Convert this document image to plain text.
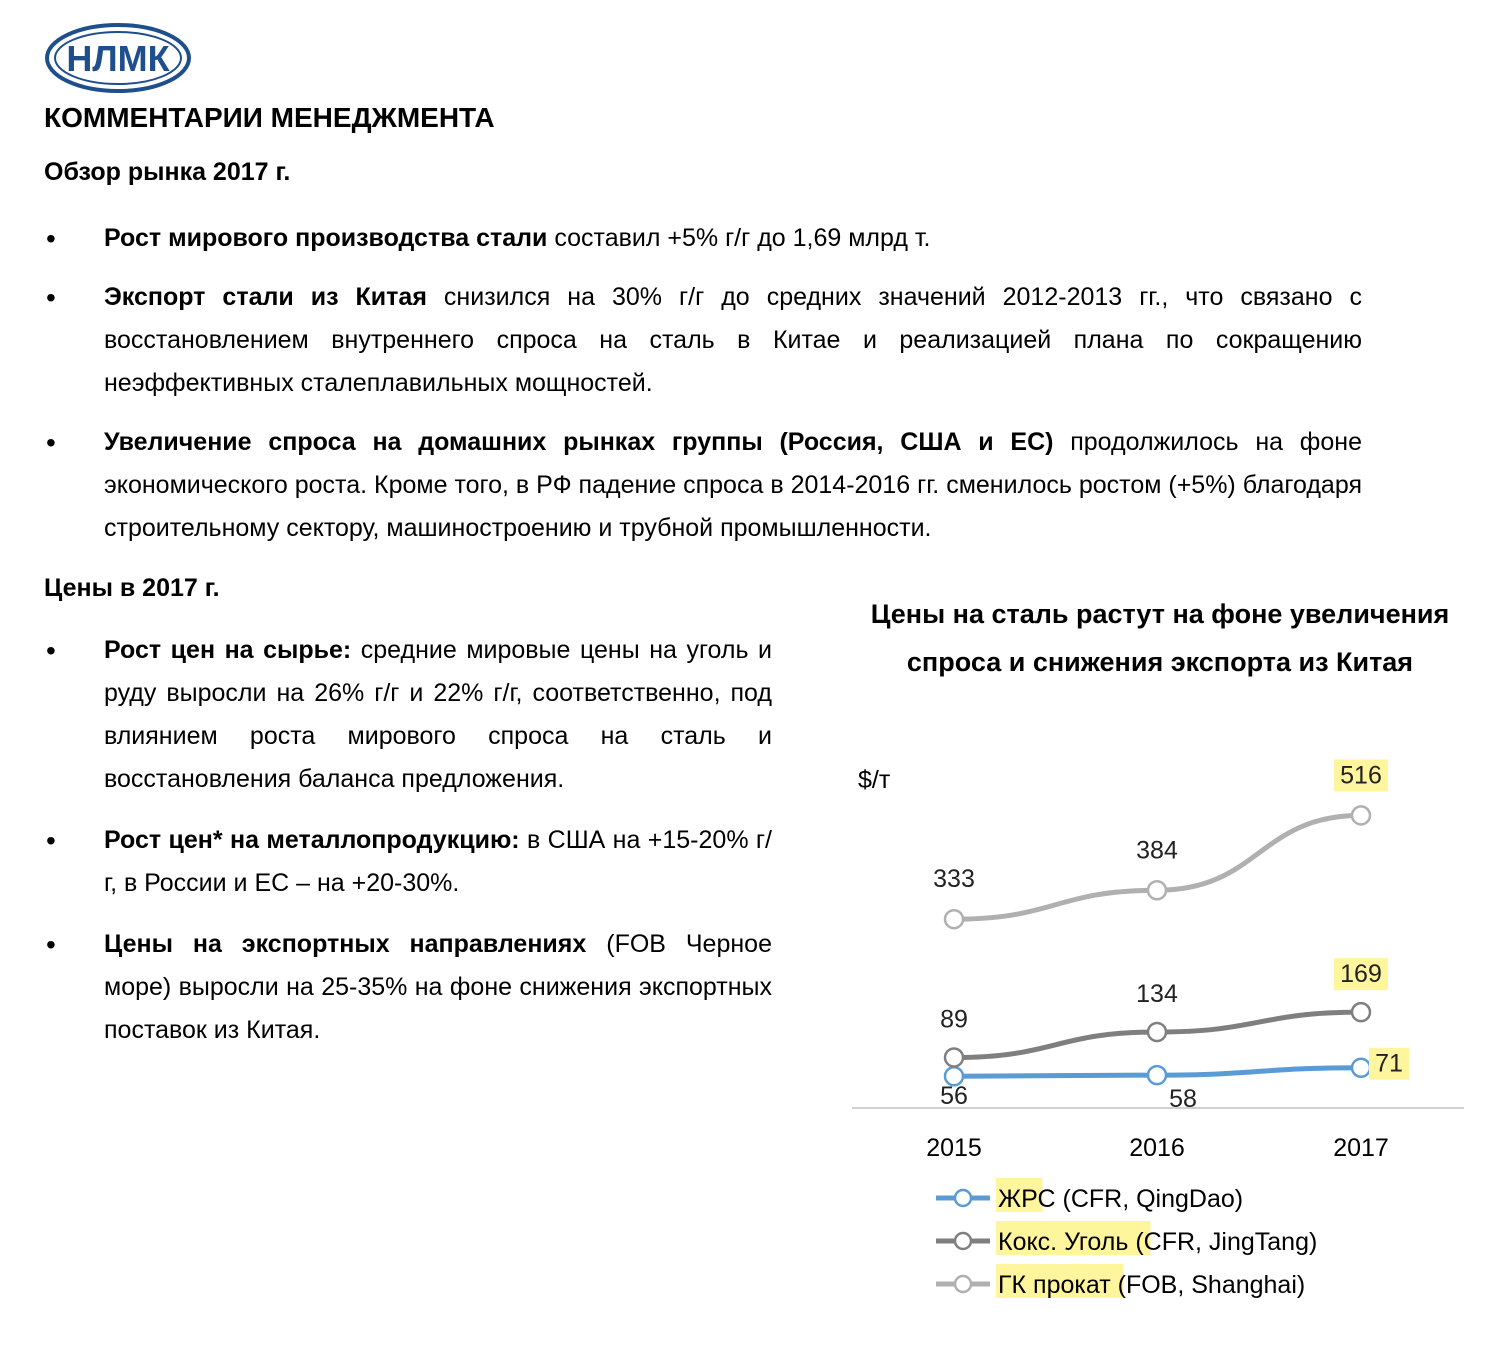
НЛМК
КОММЕНТАРИИ МЕНЕДЖМЕНТА
Обзор рынка 2017 г.
• Рост мирового производства стали составил +5% г/г до 1,69 млрд т.
• Экспорт стали из Китая снизился на 30% г/г до средних значений 2012-2013 гг., что связано с восстановлением внутреннего спроса на сталь в Китае и реализацией плана по сокращению неэффективных сталеплавильных мощностей.
• Увеличение спроса на домашних рынках группы (Россия, США и ЕС) продолжилось на фоне экономического роста. Кроме того, в РФ падение спроса в 2014-2016 гг. сменилось ростом (+5%) благодаря строительному сектору, машиностроению и трубной промышленности.
Цены в 2017 г.
• Рост цен на сырье: средние мировые цены на уголь и руду выросли на 26% г/г и 22% г/г, соответственно, под влиянием роста мирового спроса на сталь и восстановления баланса предложения.
• Рост цен* на металлопродукцию: в США на +15-20% г/г, в России и ЕС – на +20-30%.
• Цены на экспортных направлениях (FOB Черное море) выросли на 25-35% на фоне снижения экспортных поставок из Китая.
Цены на сталь растут на фоне увеличения
спроса и снижения экспорта из Китая
$/т
2015	2016	2017
56	58
71
89
134
169
333
384
516
ЖРС (CFR, QingDao)
Кокс. Уголь (CFR, JingTang)
ГК прокат (FOB, Shanghai)
